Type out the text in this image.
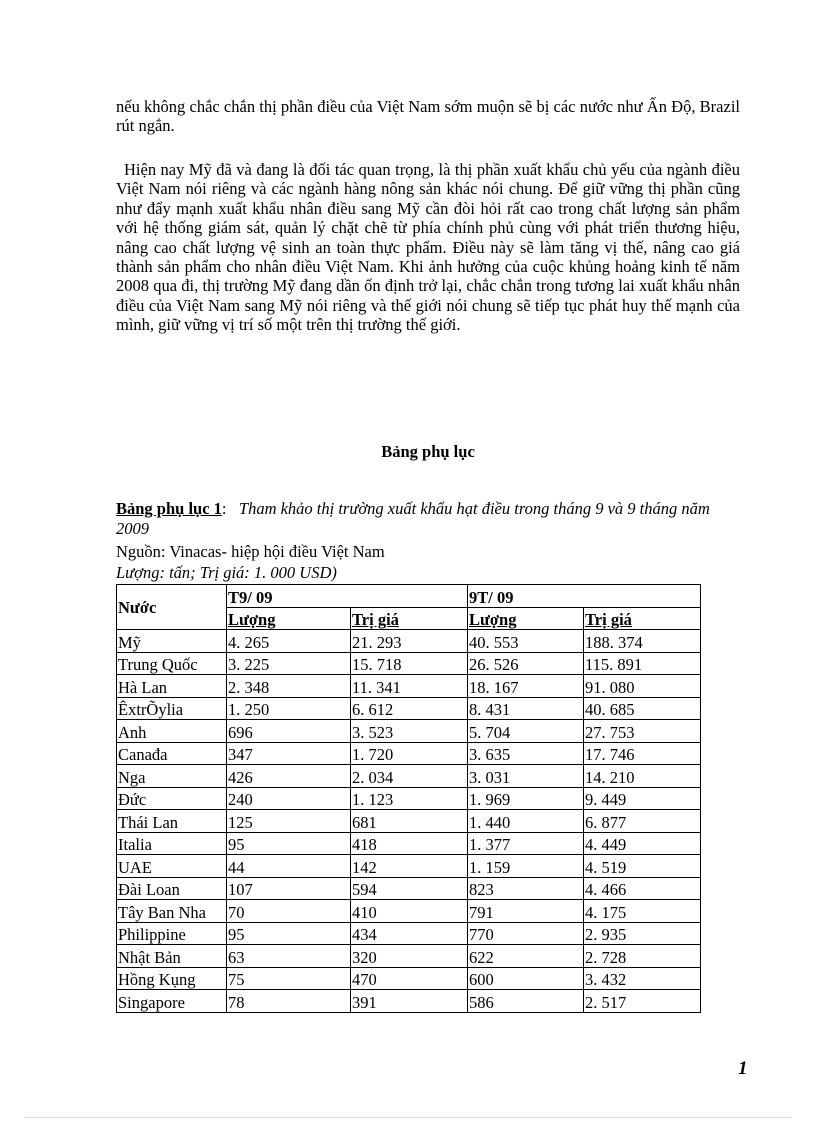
nếu không chắc chắn thị phần điều của Việt Nam sớm muộn sẽ bị các nước như Ấn Độ, Brazil rút ngắn.

Hiện nay Mỹ đã và đang là đối tác quan trọng, là thị phần xuất khẩu chủ yếu của ngành điều Việt Nam nói riêng và các ngành hàng nông sản khác nói chung. Để giữ vững thị phần cũng như đẩy mạnh xuất khẩu nhân điều sang Mỹ cần đòi hỏi rất cao trong chất lượng sản phẩm với hệ thống giám sát, quản lý chặt chẽ từ phía chính phủ cùng với phát triển thương hiệu, nâng cao chất lượng vệ sinh an toàn thực phẩm. Điều này sẽ làm tăng vị thế, nâng cao giá thành sản phẩm cho nhân điều Việt Nam. Khi ảnh hưởng của cuộc khủng hoảng kinh tế năm 2008 qua đi, thị trường Mỹ đang dần ổn định trở lại, chắc chắn trong tương lai xuất khẩu nhân điều của Việt Nam sang Mỹ nói riêng và thế giới nói chung sẽ tiếp tục phát huy thế mạnh của mình, giữ vững vị trí số một trên thị trường thế giới.

Bảng phụ lục
Bảng phụ lục 1:   Tham khảo thị trường xuất khẩu hạt điều trong tháng 9 và 9 tháng năm 2009
Nguồn: Vinacas- hiệp hội điều Việt Nam
Lượng: tấn; Trị giá: 1. 000 USD)
Nước	T9/ 09		9T/ 09	
	Lượng	Trị giá	Lượng	Trị giá
Mỹ	4. 265	21. 293	40. 553	188. 374
Trung Quốc	3. 225	15. 718	26. 526	115. 891
Hà Lan	2. 348	11. 341	18. 167	91. 080
ÊxtrÕylia	1. 250	6. 612	8. 431	40. 685
Anh	696	3. 523	5. 704	27. 753
Canađa	347	1. 720	3. 635	17. 746
Nga	426	2. 034	3. 031	14. 210
Đức	240	1. 123	1. 969	9. 449
Thái Lan	125	681	1. 440	6. 877
Italia	95	418	1. 377	4. 449
UAE	44	142	1. 159	4. 519
Đài Loan	107	594	823	4. 466
Tây Ban Nha	70	410	791	4. 175
Philippine	95	434	770	2. 935
Nhật Bản	63	320	622	2. 728
Hồng Kụng	75	470	600	3. 432
Singapore	78	391	586	2. 517
1
